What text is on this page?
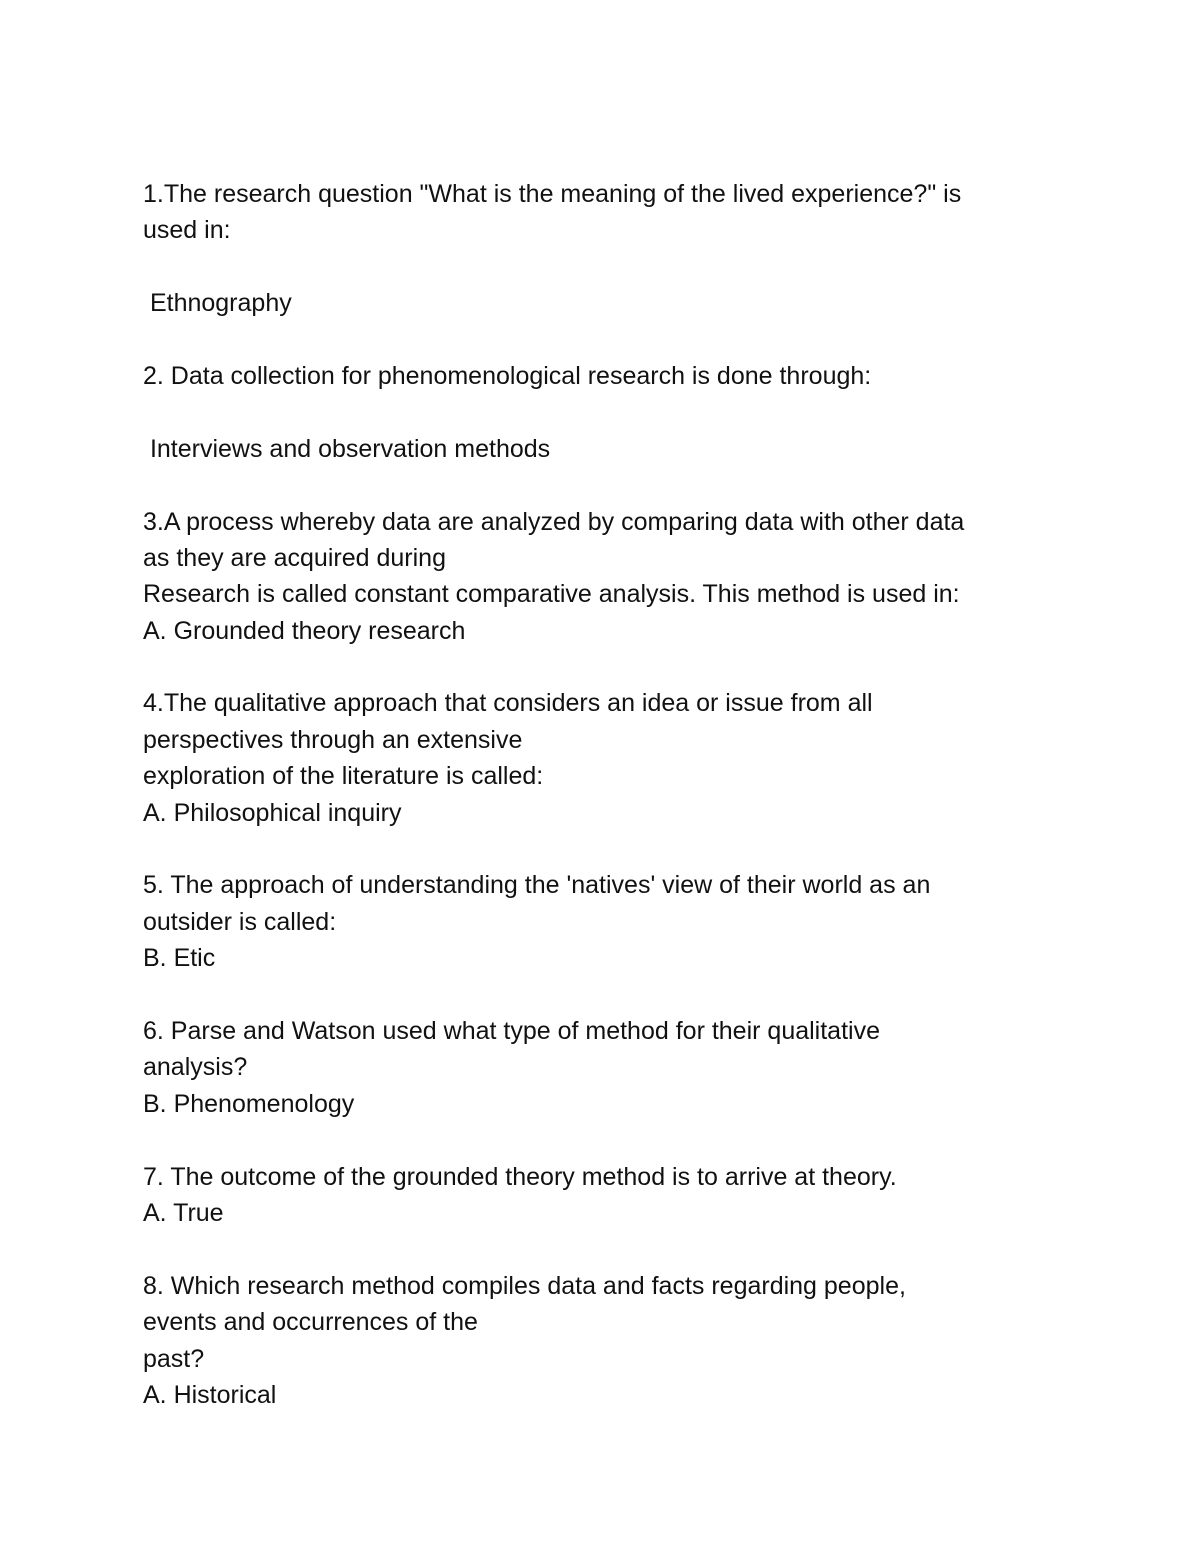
1.The research question "What is the meaning of the lived experience?" is
used in:
Ethnography
2. Data collection for phenomenological research is done through:
Interviews and observation methods
3.A process whereby data are analyzed by comparing data with other data
as they are acquired during
Research is called constant comparative analysis. This method is used in:
A. Grounded theory research
4.The qualitative approach that considers an idea or issue from all
perspectives through an extensive
exploration of the literature is called:
A. Philosophical inquiry
5. The approach of understanding the 'natives' view of their world as an
outsider is called:
B. Etic
6. Parse and Watson used what type of method for their qualitative
analysis?
B. Phenomenology
7. The outcome of the grounded theory method is to arrive at theory.
A. True
8. Which research method compiles data and facts regarding people,
events and occurrences of the
past?
A. Historical
